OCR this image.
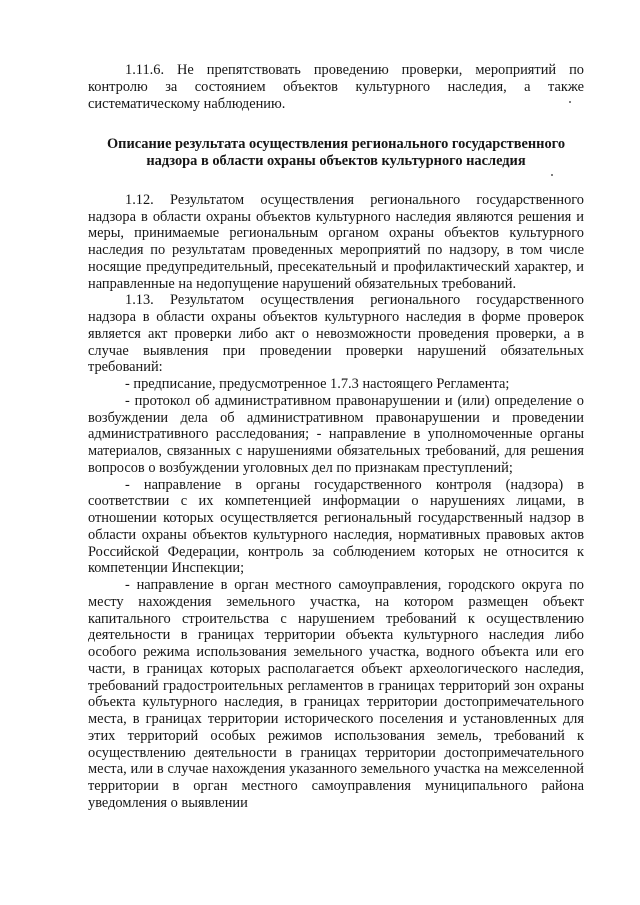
1.11.6. Не препятствовать проведению проверки, мероприятий по контролю за состоянием объектов культурного наследия, а также систематическому наблюдению.

Описание результата осуществления регионального государственного надзора в области охраны объектов культурного наследия

1.12. Результатом осуществления регионального государственного надзора в области охраны объектов культурного наследия являются решения и меры, принимаемые региональным органом охраны объектов культурного наследия по результатам проведенных мероприятий по надзору, в том числе носящие предупредительный, пресекательный и профилактический характер, и направленные на недопущение нарушений обязательных требований.

1.13. Результатом осуществления регионального государственного надзора в области охраны объектов культурного наследия в форме проверок является акт проверки либо акт о невозможности проведения проверки, а в случае выявления при проведении проверки нарушений обязательных требований:

- предписание, предусмотренное 1.7.3 настоящего Регламента;

- протокол об административном правонарушении и (или) определение о возбуждении дела об административном правонарушении и проведении административного расследования; - направление в уполномоченные органы материалов, связанных с нарушениями обязательных требований, для решения вопросов о возбуждении уголовных дел по признакам преступлений;

- направление в органы государственного контроля (надзора) в соответствии с их компетенцией информации о нарушениях лицами, в отношении которых осуществляется региональный государственный надзор в области охраны объектов культурного наследия, нормативных правовых актов Российской Федерации, контроль за соблюдением которых не относится к компетенции Инспекции;

- направление в орган местного самоуправления, городского округа по месту нахождения земельного участка, на котором размещен объект капитального строительства с нарушением требований к осуществлению деятельности в границах территории объекта культурного наследия либо особого режима использования земельного участка, водного объекта или его части, в границах которых располагается объект археологического наследия, требований градостроительных регламентов в границах территорий зон охраны объекта культурного наследия, в границах территории достопримечательного места, в границах территории исторического поселения и установленных для этих территорий особых режимов использования земель, требований к осуществлению деятельности в границах территории достопримечательного места, или в случае нахождения указанного земельного участка на межселенной территории в орган местного самоуправления муниципального района уведомления о выявлении
